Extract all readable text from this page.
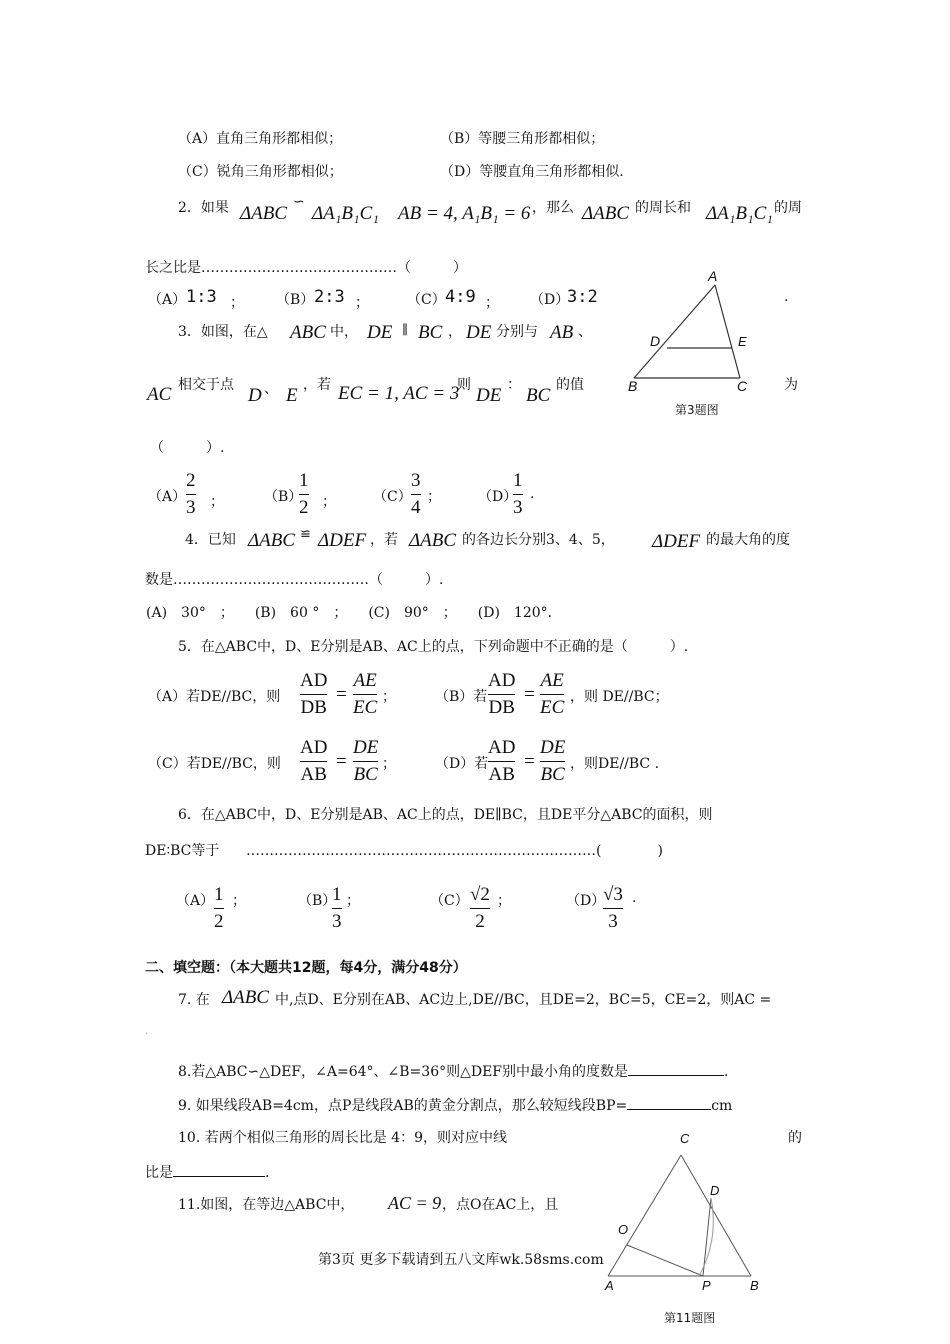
（A）直角三角形都相似；	（B）等腰三角形都相似；
（C）锐角三角形都相似；	（D）等腰直角三角形都相似.
2．如果 ΔABC
∽
ΔA₁B₁C₁ AB = 4, A₁B₁ = 6 ，那么 ΔABC 的周长和 ΔA₁B₁C₁ 的周
长之比是……………………………………（　　　）
（A） 1:3 ； （B） 2:3 ；	（C） 4:9 ； （D）
3:2	.
3．如图，在△ ABC 中， DE ∥ BC ， DE 分别与 AB 、
AC 相交于点 D 、 E ，若 EC = 1, AC = 3
则 DE ： BC 的值	为
（　　　）.
（A）
2
3 ；	（B）
1
2 ；	（C）
3
4 ；	（D）
1
3
.
A
D	E
B	C
第3题图
4．已知 ΔABC ≌ ΔDEF ，若 ΔABC 的各边长分别3、4、5， ΔDEF 的最大角的度
数是……………………………………（　　　）.
(A)　30°　；　　(B)　60 °　；　　(C)　90°　；　　(D)　120°．
5．在△ABC中，D、E分别是AB、AC上的点，下列命题中不正确的是（　　　）.
（A）若DE//BC，则
AD
DB
=
AE
EC ；	（B）若
AD
DB
=
AE
EC ，则 DE//BC；
（C）若DE//BC，则
AD
AB
=
DE
BC ；	（D）若
AD
AB
=
DE
BC ，则DE//BC .
6．在△ABC中，D、E分别是AB、AC上的点，DE∥BC，且DE平分△ABC的面积，则
DE∶BC等于 …………………………………………………………………(　　　　)
（A） 1
2
；	（B）
1
3
；	（C） √2
2
；	（D）
√3
3
.
二、填空题：（本大题共12题，每4分，满分48分）
7. 在 ΔABC 中,点D、E分别在AB、AC边上,DE//BC，且DE=2，BC=5，CE=2，则AC =
.
8.若△ABC∽△DEF，∠A=64°、∠B=36°则△DEF别中最小角的度数是	.
9. 如果线段AB=4cm，点P是线段AB的黄金分割点，那么较短线段BP=	cm
10. 若两个相似三角形的周长比是 4：9，则对应中线	的
比是	.
11.如图，在等边△ABC中， AC = 9 ，点O在AC上，且
C
D
O
A	P	B
第11题图
第3页 更多下载请到五八文库wk.58sms.com
